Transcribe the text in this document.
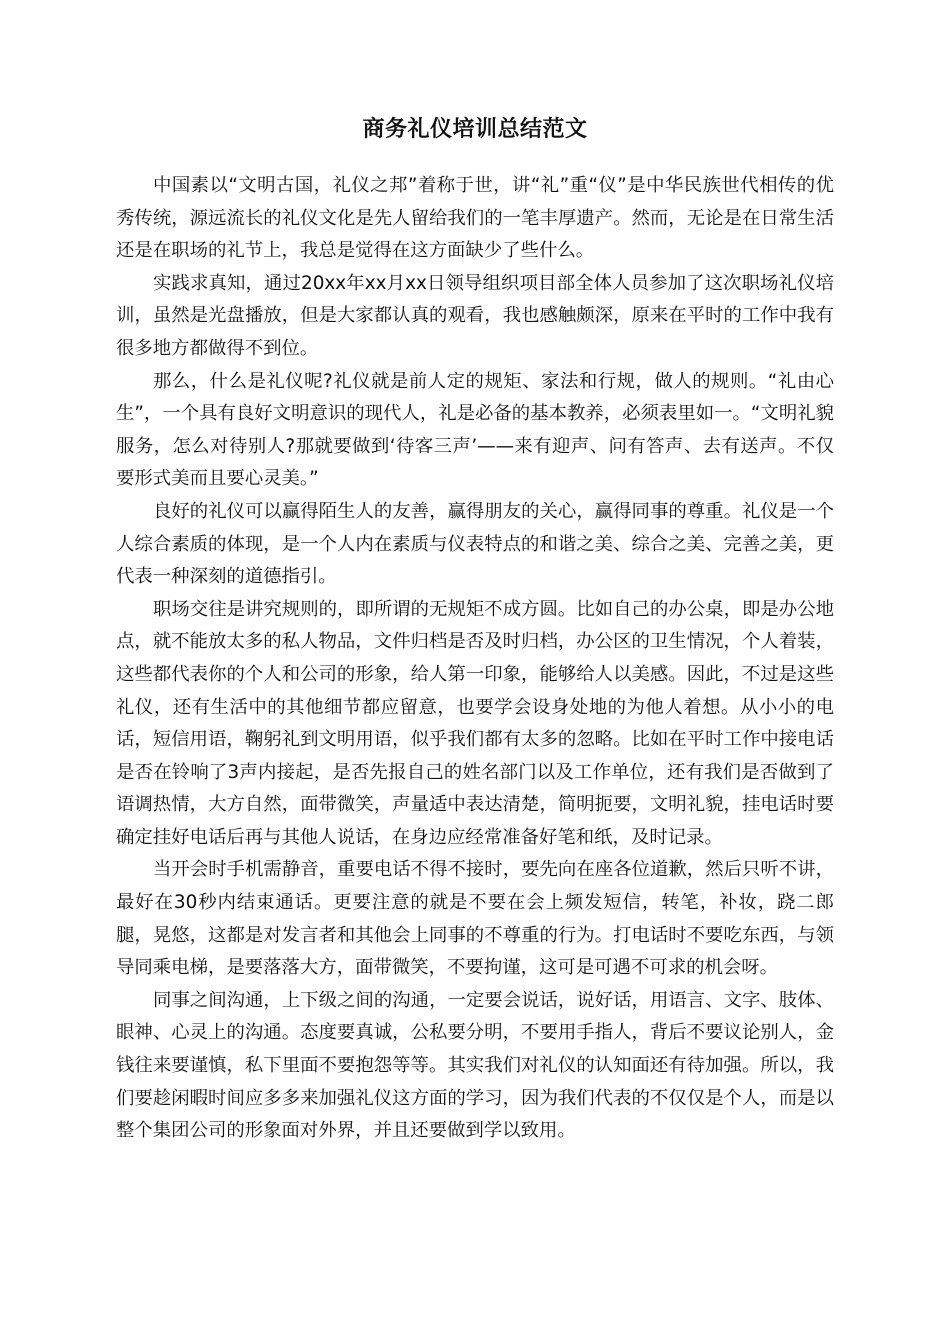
商务礼仪培训总结范文

中国素以“文明古国，礼仪之邦”着称于世，讲“礼”重“仪”是中华民族世代相传的优秀传统，源远流长的礼仪文化是先人留给我们的一笔丰厚遗产。然而，无论是在日常生活还是在职场的礼节上，我总是觉得在这方面缺少了些什么。

实践求真知，通过20xx年xx月xx日领导组织项目部全体人员参加了这次职场礼仪培训，虽然是光盘播放，但是大家都认真的观看，我也感触颇深，原来在平时的工作中我有很多地方都做得不到位。

那么，什么是礼仪呢?礼仪就是前人定的规矩、家法和行规，做人的规则。“礼由心生”，一个具有良好文明意识的现代人，礼是必备的基本教养，必须表里如一。“文明礼貌服务，怎么对待别人?那就要做到‘待客三声’——来有迎声、问有答声、去有送声。不仅要形式美而且要心灵美。”

良好的礼仪可以赢得陌生人的友善，赢得朋友的关心，赢得同事的尊重。礼仪是一个人综合素质的体现，是一个人内在素质与仪表特点的和谐之美、综合之美、完善之美，更代表一种深刻的道德指引。

职场交往是讲究规则的，即所谓的无规矩不成方圆。比如自己的办公桌，即是办公地点，就不能放太多的私人物品，文件归档是否及时归档，办公区的卫生情况，个人着装，这些都代表你的个人和公司的形象，给人第一印象，能够给人以美感。因此，不过是这些礼仪，还有生活中的其他细节都应留意，也要学会设身处地的为他人着想。从小小的电话，短信用语，鞠躬礼到文明用语，似乎我们都有太多的忽略。比如在平时工作中接电话是否在铃响了3声内接起，是否先报自己的姓名部门以及工作单位，还有我们是否做到了语调热情，大方自然，面带微笑，声量适中表达清楚，简明扼要，文明礼貌，挂电话时要确定挂好电话后再与其他人说话，在身边应经常准备好笔和纸，及时记录。

当开会时手机需静音，重要电话不得不接时，要先向在座各位道歉，然后只听不讲，最好在30秒内结束通话。更要注意的就是不要在会上频发短信，转笔，补妆，跷二郎腿，晃悠，这都是对发言者和其他会上同事的不尊重的行为。打电话时不要吃东西，与领导同乘电梯，是要落落大方，面带微笑，不要拘谨，这可是可遇不可求的机会呀。

同事之间沟通，上下级之间的沟通，一定要会说话，说好话，用语言、文字、肢体、眼神、心灵上的沟通。态度要真诚，公私要分明，不要用手指人，背后不要议论别人，金钱往来要谨慎，私下里面不要抱怨等等。其实我们对礼仪的认知面还有待加强。所以，我们要趁闲暇时间应多多来加强礼仪这方面的学习，因为我们代表的不仅仅是个人，而是以整个集团公司的形象面对外界，并且还要做到学以致用。
